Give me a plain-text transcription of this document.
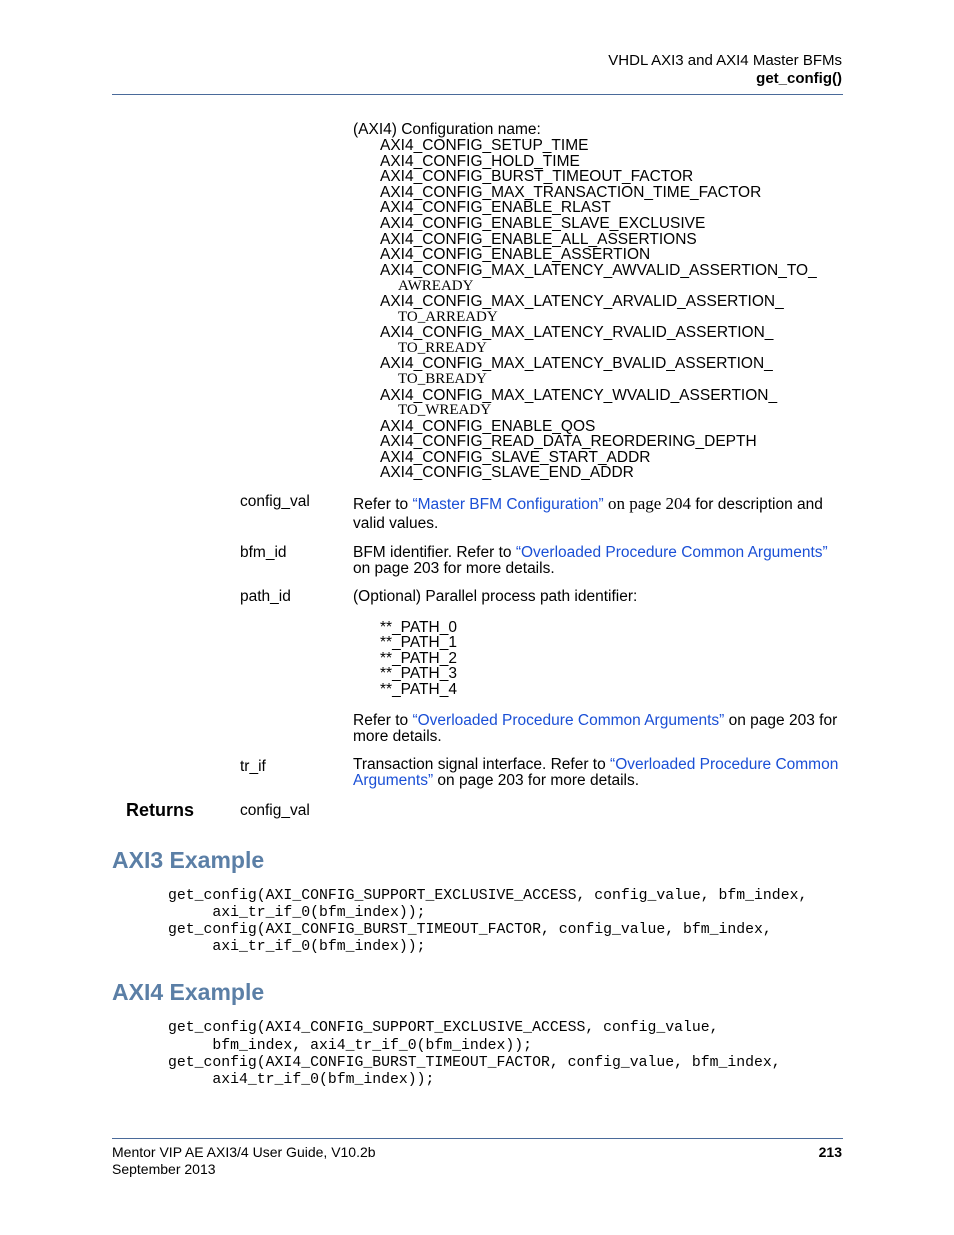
VHDL AXI3 and AXI4 Master BFMs
get_config()
(AXI4) Configuration name:
AXI4_CONFIG_SETUP_TIME
AXI4_CONFIG_HOLD_TIME
AXI4_CONFIG_BURST_TIMEOUT_FACTOR
AXI4_CONFIG_MAX_TRANSACTION_TIME_FACTOR
AXI4_CONFIG_ENABLE_RLAST
AXI4_CONFIG_ENABLE_SLAVE_EXCLUSIVE
AXI4_CONFIG_ENABLE_ALL_ASSERTIONS
AXI4_CONFIG_ENABLE_ASSERTION
AXI4_CONFIG_MAX_LATENCY_AWVALID_ASSERTION_TO_
AWREADY
AXI4_CONFIG_MAX_LATENCY_ARVALID_ASSERTION_
TO_ARREADY
AXI4_CONFIG_MAX_LATENCY_RVALID_ASSERTION_
TO_RREADY
AXI4_CONFIG_MAX_LATENCY_BVALID_ASSERTION_
TO_BREADY
AXI4_CONFIG_MAX_LATENCY_WVALID_ASSERTION_
TO_WREADY
AXI4_CONFIG_ENABLE_QOS
AXI4_CONFIG_READ_DATA_REORDERING_DEPTH
AXI4_CONFIG_SLAVE_START_ADDR
AXI4_CONFIG_SLAVE_END_ADDR
config_val	Refer to “Master BFM Configuration” on page 204 for description and
valid values.
bfm_id	BFM identifier. Refer to “Overloaded Procedure Common Arguments”
on page 203 for more details.
path_id	(Optional) Parallel process path identifier:
**_PATH_0
**_PATH_1
**_PATH_2
**_PATH_3
**_PATH_4
Refer to “Overloaded Procedure Common Arguments” on page 203 for
more details.
tr_if	Transaction signal interface. Refer to “Overloaded Procedure Common
Arguments” on page 203 for more details.
Returns	config_val
AXI3 Example
get_config(AXI_CONFIG_SUPPORT_EXCLUSIVE_ACCESS, config_value, bfm_index,
axi_tr_if_0(bfm_index));
get_config(AXI_CONFIG_BURST_TIMEOUT_FACTOR, config_value, bfm_index,
axi_tr_if_0(bfm_index));
AXI4 Example
get_config(AXI4_CONFIG_SUPPORT_EXCLUSIVE_ACCESS, config_value,
bfm_index, axi4_tr_if_0(bfm_index));
get_config(AXI4_CONFIG_BURST_TIMEOUT_FACTOR, config_value, bfm_index,
axi4_tr_if_0(bfm_index));
Mentor VIP AE AXI3/4 User Guide, V10.2b
September 2013
213
